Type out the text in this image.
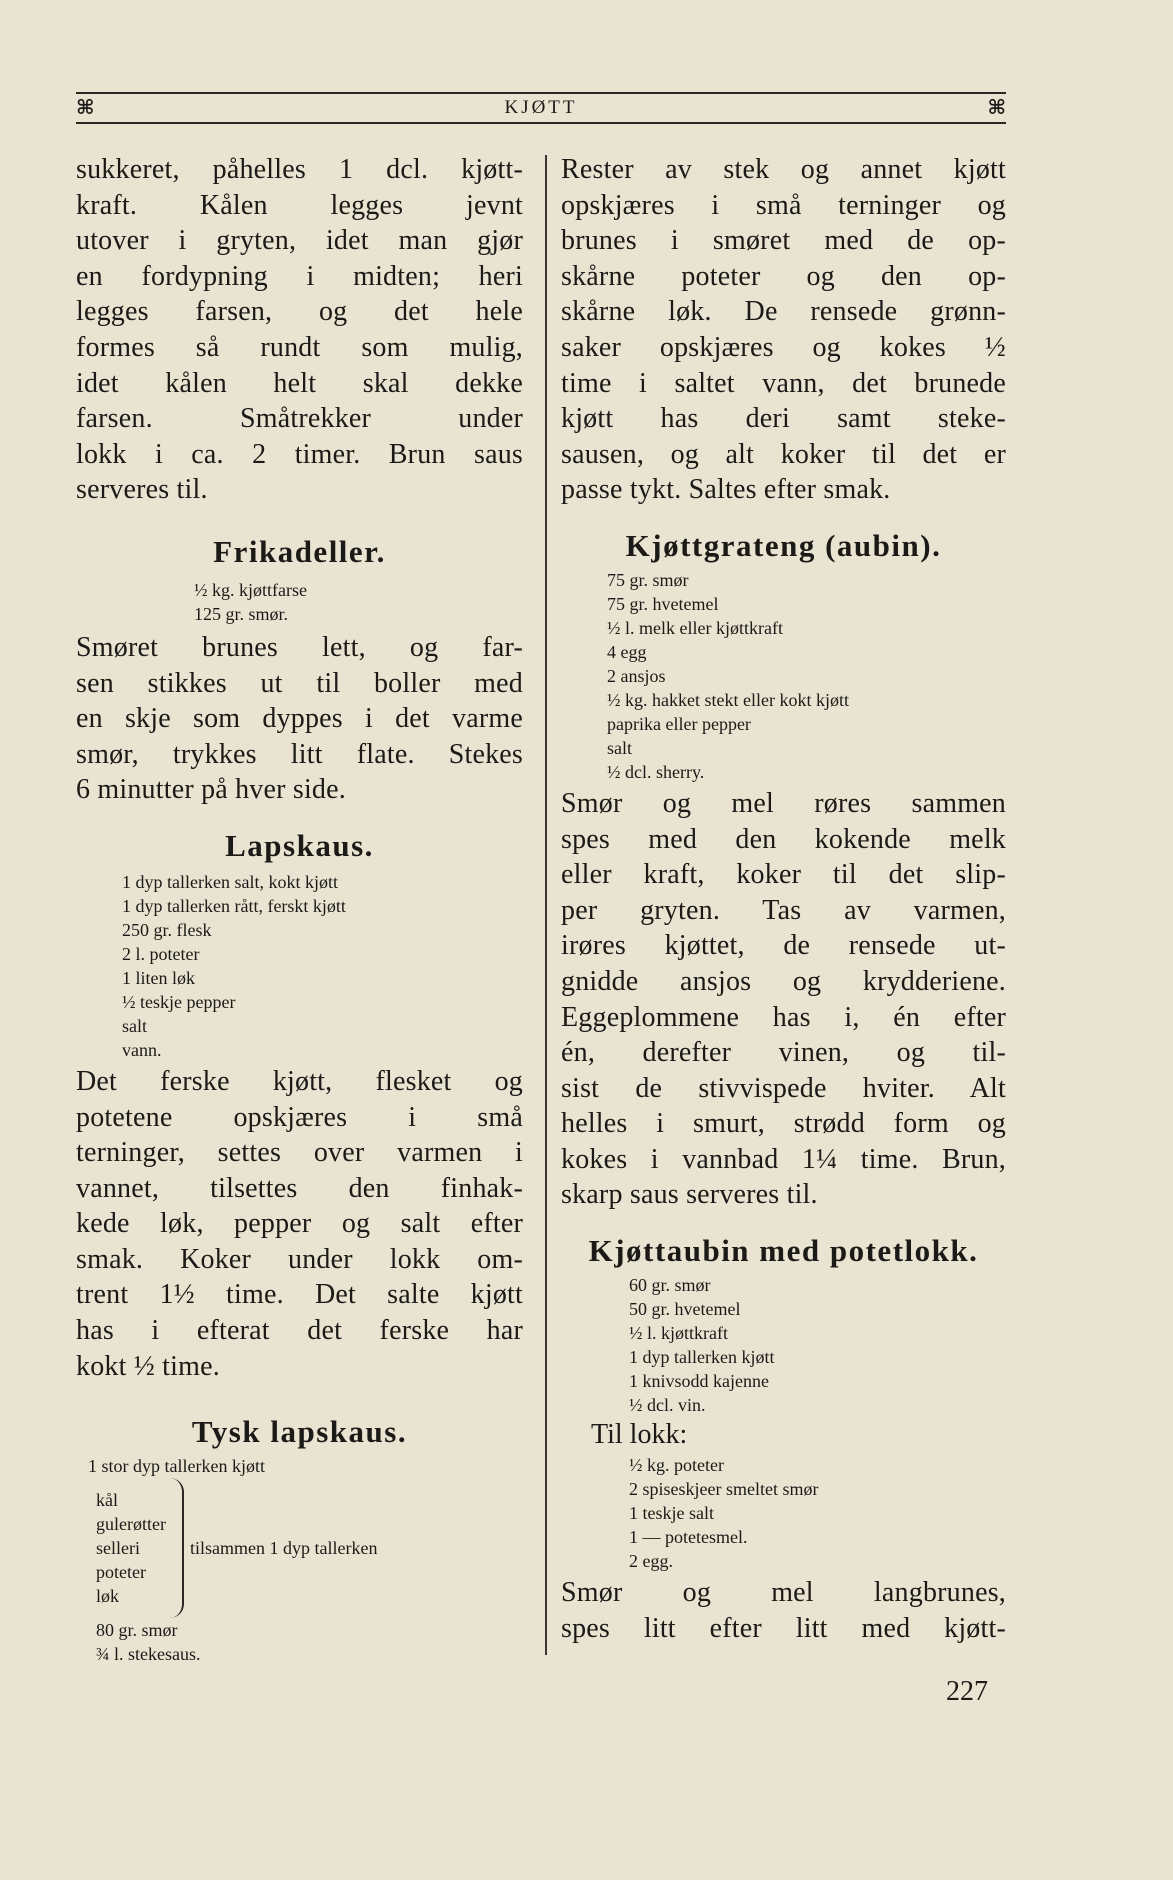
⌘	KJØTT	⌘

sukkeret, påhelles 1 dcl. kjøtt-

kraft. Kålen legges jevnt

utover i gryten, idet man gjør

en fordypning i midten; heri

legges farsen, og det hele

formes så rundt som mulig,

idet kålen helt skal dekke

farsen. Småtrekker under

lokk i ca. 2 timer. Brun saus

serveres til.

Frikadeller.
½ kg. kjøttfarse
125 gr. smør.

Smøret brunes lett, og far-

sen stikkes ut til boller med

en skje som dyppes i det varme

smør, trykkes litt flate. Stekes

6 minutter på hver side.

Lapskaus.
1 dyp tallerken salt, kokt kjøtt
1 dyp tallerken rått, ferskt kjøtt
250 gr. flesk
2 l. poteter
1 liten løk
½ teskje pepper
salt
vann.

Det ferske kjøtt, flesket og

potetene opskjæres i små

terninger, settes over varmen i

vannet, tilsettes den finhak-

kede løk, pepper og salt efter

smak. Koker under lokk om-

trent 1½ time. Det salte kjøtt

has i efterat det ferske har

kokt ½ time.

Tysk lapskaus.
1 stor dyp tallerken kjøtt
kål
gulerøtter
selleri
poteter
løk
tilsammen 1 dyp tallerken
80 gr. smør
¾ l. stekesaus.

Rester av stek og annet kjøtt

opskjæres i små terninger og

brunes i smøret med de op-

skårne poteter og den op-

skårne løk. De rensede grønn-

saker opskjæres og kokes ½

time i saltet vann, det brunede

kjøtt has deri samt steke-

sausen, og alt koker til det er

passe tykt. Saltes efter smak.

Kjøttgrateng (aubin).
75 gr. smør
75 gr. hvetemel
½ l. melk eller kjøttkraft
4 egg
2 ansjos
½ kg. hakket stekt eller kokt kjøtt
paprika eller pepper
salt
½ dcl. sherry.

Smør og mel røres sammen

spes med den kokende melk

eller kraft, koker til det slip-

per gryten. Tas av varmen,

irøres kjøttet, de rensede ut-

gnidde ansjos og krydderiene.

Eggeplommene has i, én efter

én, derefter vinen, og til-

sist de stivvispede hviter. Alt

helles i smurt, strødd form og

kokes i vannbad 1¼ time. Brun,

skarp saus serveres til.

Kjøttaubin med potetlokk.
60 gr. smør
50 gr. hvetemel
½ l. kjøttkraft
1 dyp tallerken kjøtt
1 knivsodd kajenne
½ dcl. vin.

Til lokk:

½ kg. poteter
2 spiseskjeer smeltet smør
1 teskje salt
1 — potetesmel.
2 egg.

Smør og mel langbrunes,

spes litt efter litt med kjøtt-

227
